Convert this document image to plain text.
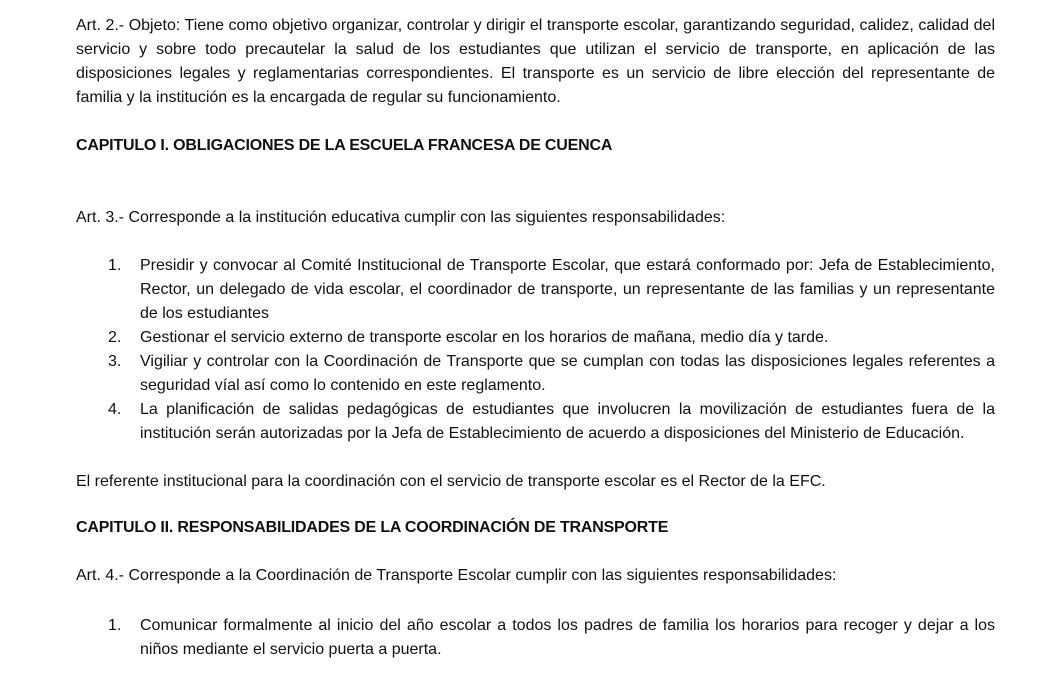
Art. 2.- Objeto: Tiene como objetivo organizar, controlar y dirigir el transporte escolar, garantizando seguridad, calidez, calidad del servicio y sobre todo precautelar la salud de los estudiantes que utilizan el servicio de transporte, en aplicación de las disposiciones legales y reglamentarias correspondientes. El transporte es un servicio de libre elección del representante de familia y la institución es la encargada de regular su funcionamiento.

CAPITULO I. OBLIGACIONES DE LA ESCUELA FRANCESA DE CUENCA

Art. 3.- Corresponde a la institución educativa cumplir con las siguientes responsabilidades:

1. Presidir y convocar al Comité Institucional de Transporte Escolar, que estará conformado por: Jefa de Establecimiento, Rector, un delegado de vida escolar, el coordinador de transporte, un representante de las familias y un representante de los estudiantes
2. Gestionar el servicio externo de transporte escolar en los horarios de mañana, medio día y tarde.
3. Vigiliar y controlar con la Coordinación de Transporte que se cumplan con todas las disposiciones legales referentes a seguridad víal así como lo contenido en este reglamento.
4. La planificación de salidas pedagógicas de estudiantes que involucren la movilización de estudiantes fuera de la institución serán autorizadas por la Jefa de Establecimiento de acuerdo a disposiciones del Ministerio de Educación.

El referente institucional para la coordinación con el servicio de transporte escolar es el Rector de la EFC.

CAPITULO II. RESPONSABILIDADES DE LA COORDINACIÓN DE TRANSPORTE

Art. 4.- Corresponde a la Coordinación de Transporte Escolar cumplir con las siguientes responsabilidades:

1. Comunicar formalmente al inicio del año escolar a todos los padres de familia los horarios para recoger y dejar a los niños mediante el servicio puerta a puerta.
